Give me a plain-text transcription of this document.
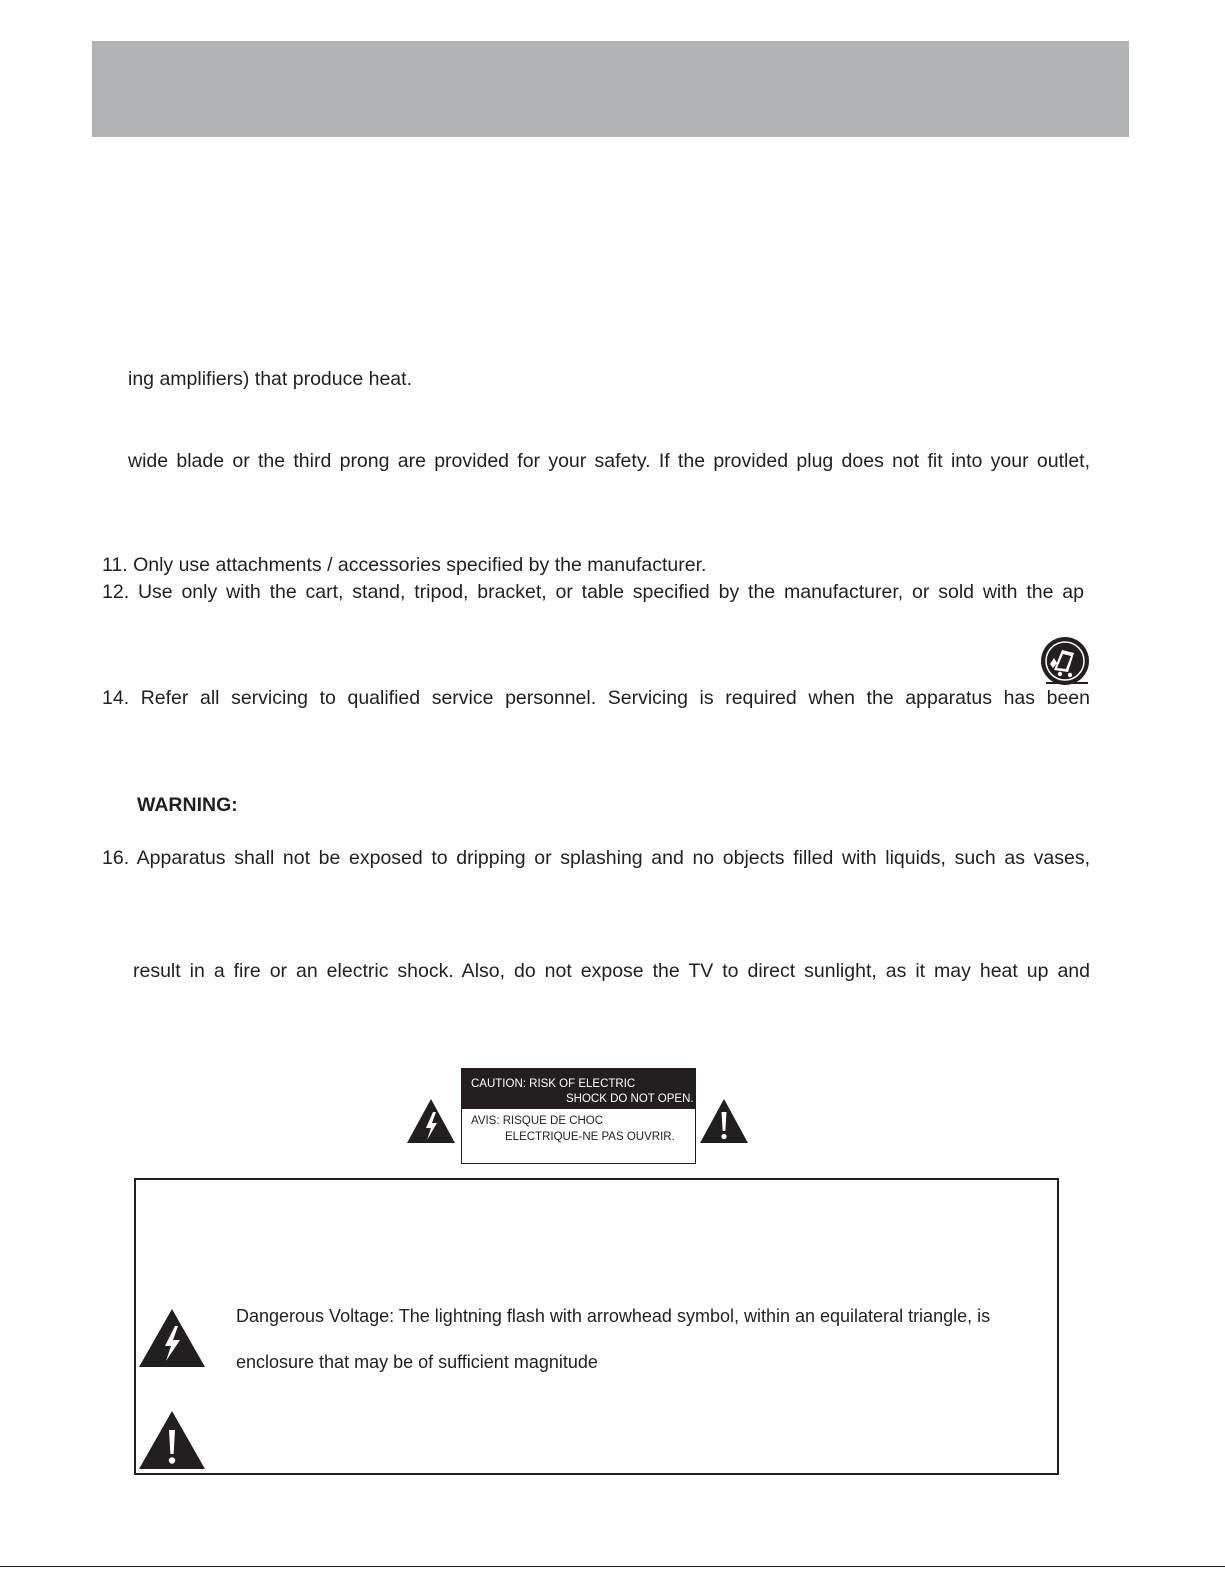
ing amplifiers) that produce heat.
wide blade or the third prong are provided for your safety. If the provided plug does not fit into your outlet,
11. Only use attachments / accessories specified by the manufacturer.
12. Use only with the cart, stand, tripod, bracket, or table specified by the manufacturer, or sold with the ap
14. Refer all servicing to qualified service personnel. Servicing is required when the apparatus has been
WARNING:
16. Apparatus shall not be exposed to dripping or splashing and no objects filled with liquids, such as vases,
result in a fire or an electric shock. Also, do not expose the TV to direct sunlight, as it may heat up and
CAUTION: RISK OF ELECTRIC
SHOCK DO NOT OPEN.
AVIS: RISQUE DE CHOC
ELECTRIQUE-NE PAS OUVRIR.
Dangerous Voltage: The lightning flash with arrowhead symbol, within an equilateral triangle, is
enclosure that may be of sufficient magnitude
